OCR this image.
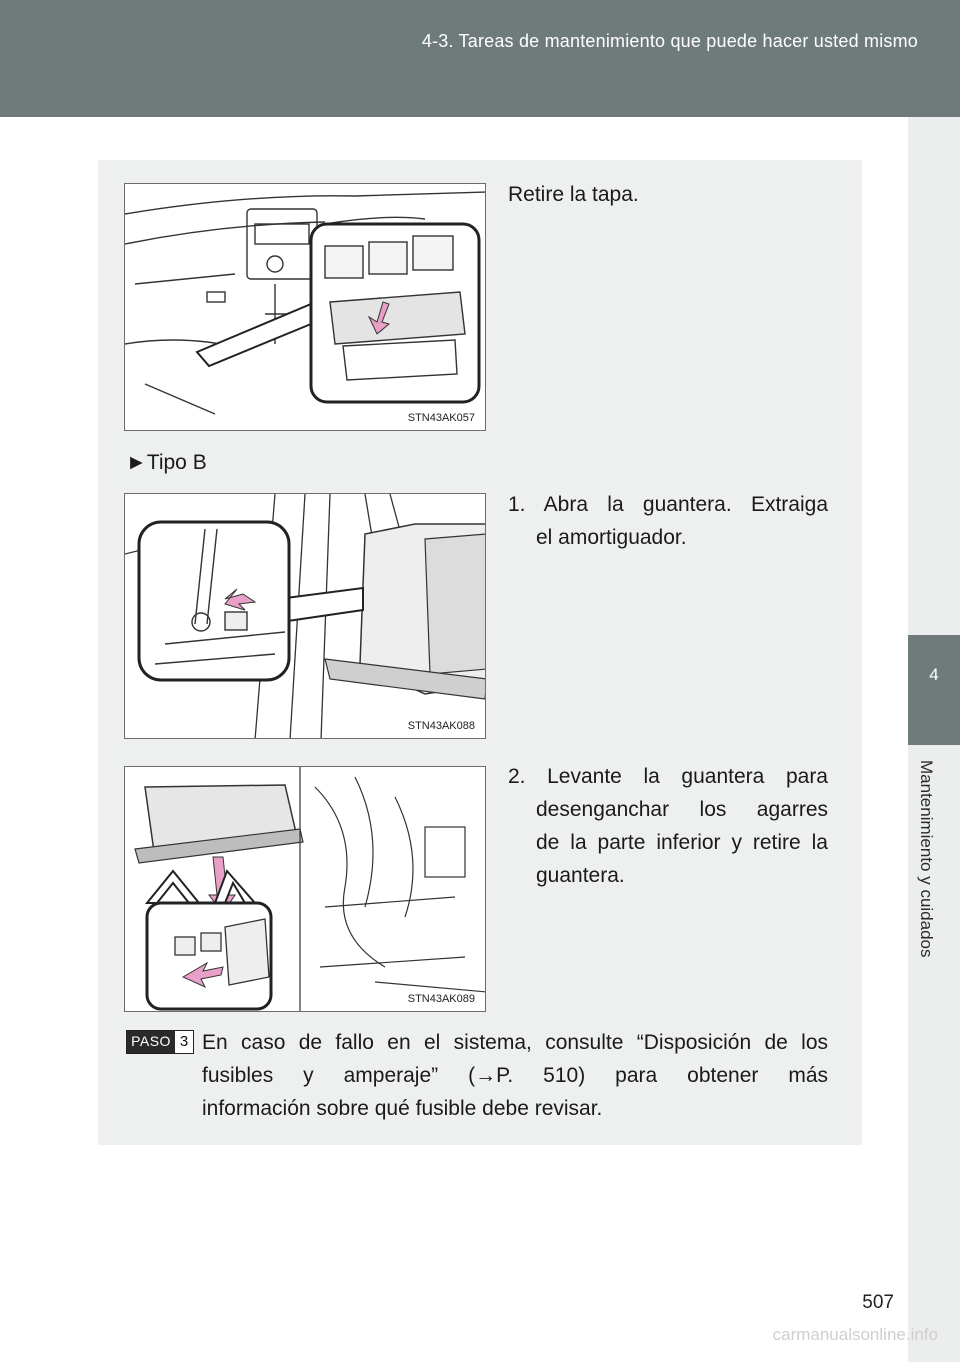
4-3. Tareas de mantenimiento que puede hacer usted mismo
4
Mantenimiento y cuidados
STN43AK057
Retire la tapa.
►Tipo B
STN43AK088
1. Abra la guantera. Extraiga
el amortiguador.
STN43AK089
2. Levante la guantera para
desenganchar los agarres
de la parte inferior y retire la
guantera.
PASO 3 En caso de fallo en el sistema, consulte “Disposición de los
fusibles y amperaje” (→P. 510) para obtener más
información sobre qué fusible debe revisar.
507
carmanualsonline.info
